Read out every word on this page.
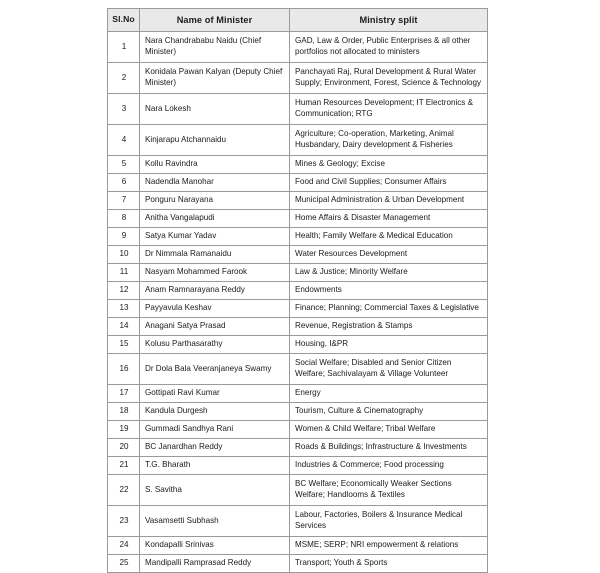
Sl.No	Name of Minister	Ministry split
1	Nara Chandrababu Naidu (Chief Minister)	GAD, Law & Order, Public Enterprises & all other portfolios not allocated to ministers
2	Konidala Pawan Kalyan (Deputy Chief Minister)	Panchayati Raj, Rural Development & Rural Water Supply; Environment, Forest, Science & Technology
3	Nara Lokesh	Human Resources Development; IT Electronics & Communication; RTG
4	Kinjarapu Atchannaidu	Agriculture; Co-operation, Marketing, Animal Husbandary, Dairy development & Fisheries
5	Kollu Ravindra	Mines & Geology; Excise
6	Nadendla Manohar	Food and Civil Supplies; Consumer Affairs
7	Ponguru Narayana	Municipal Administration & Urban Development
8	Anitha Vangalapudi	Home Affairs & Disaster Management
9	Satya Kumar Yadav	Health; Family Welfare & Medical Education
10	Dr Nimmala Ramanaidu	Water Resources Development
11	Nasyam Mohammed Farook	Law & Justice; Minority Welfare
12	Anam Ramnarayana Reddy	Endowments
13	Payyavula Keshav	Finance; Planning; Commercial Taxes & Legislative
14	Anagani Satya Prasad	Revenue, Registration & Stamps
15	Kolusu Parthasarathy	Housing, I&PR
16	Dr Dola Bala Veeranjaneya Swamy	Social Welfare; Disabled and Senior Citizen Welfare; Sachivalayam & Village Volunteer
17	Gottipati Ravi Kumar	Energy
18	Kandula Durgesh	Tourism, Culture & Cinematography
19	Gummadi Sandhya Rani	Women & Child Welfare; Tribal Welfare
20	BC Janardhan Reddy	Roads & Buildings; Infrastructure & Investments
21	T.G. Bharath	Industries & Commerce; Food processing
22	S. Savitha	BC Welfare; Economically Weaker Sections Welfare; Handlooms & Textiles
23	Vasamsetti Subhash	Labour, Factories, Boilers & Insurance Medical Services
24	Kondapalli Srinivas	MSME; SERP; NRI empowerment & relations
25	Mandipalli Ramprasad Reddy	Transport; Youth & Sports
